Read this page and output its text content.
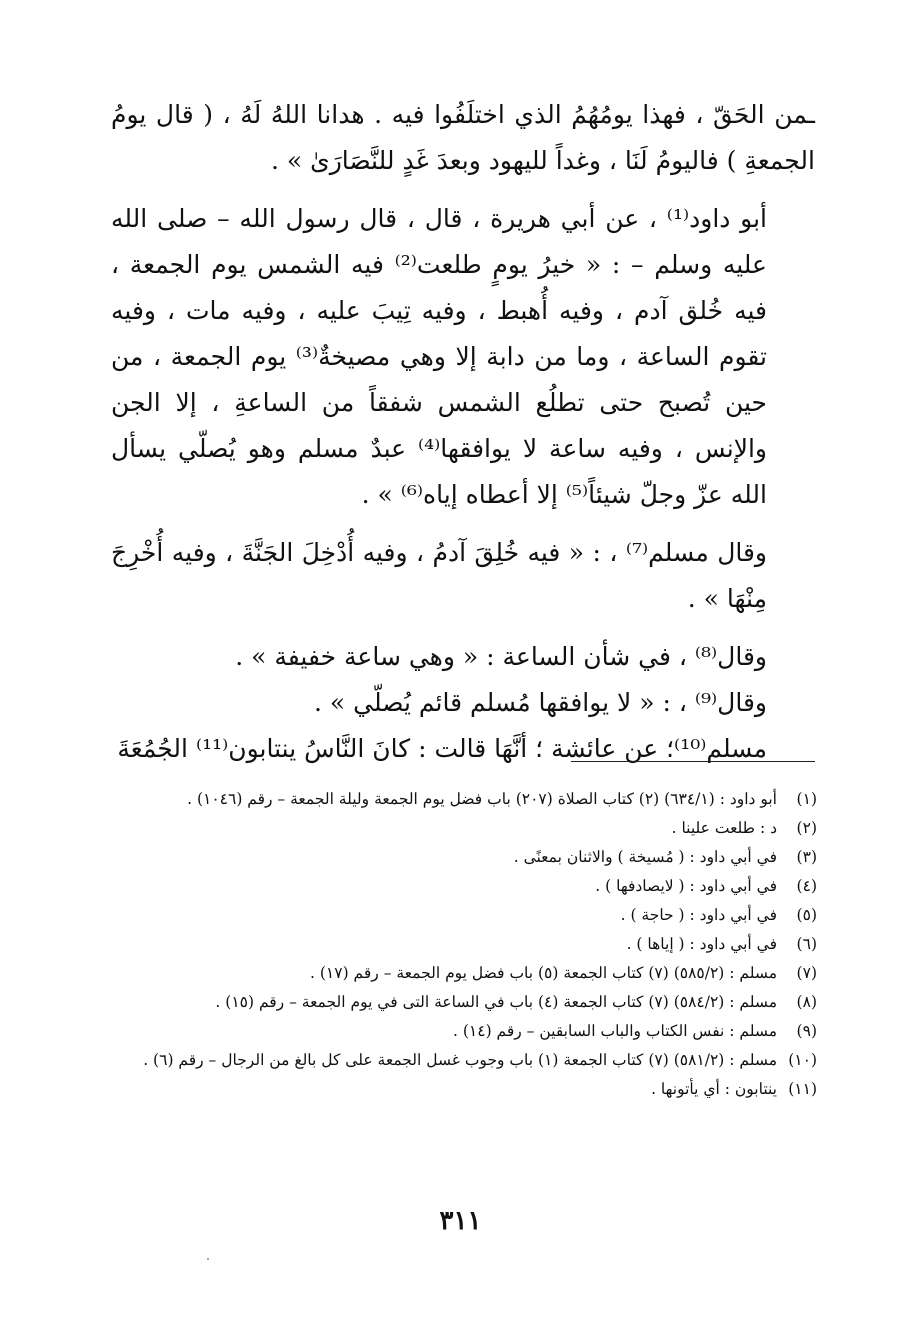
ـمن الحَقّ ، فهذا يومُهُمُ الذي اختلَفُوا فيه . هدانا اللهُ لَهُ ، ( قال يومُ الجمعةِ ) فاليومُ لَنَا ، وغداً لليهود وبعدَ غَدٍ للنَّصَارَىٰ » .

أبو داود⁽¹⁾ ، عن أبي هريرة ، قال ، قال رسول الله – صلى الله عليه وسلم – : « خيرُ يومٍ طلعت⁽²⁾ فيه الشمس يوم الجمعة ، فيه خُلق آدم ، وفيه أُهبط ، وفيه تِيبَ عليه ، وفيه مات ، وفيه تقوم الساعة ، وما من دابة إلا وهي مصيخةٌ⁽³⁾ يوم الجمعة ، من حين تُصبح حتى تطلُع الشمس شفقاً من الساعةِ ، إلا الجن والإنس ، وفيه ساعة لا يوافقها⁽⁴⁾ عبدٌ مسلم وهو يُصلّي يسأل الله عزّ وجلّ شيئاً⁽⁵⁾ إلا أعطاه إياه⁽⁶⁾ » .

وقال مسلم⁽⁷⁾ ، : « فيه خُلِقَ آدمُ ، وفيه أُدْخِلَ الجَنَّةَ ، وفيه أُخْرِجَ مِنْهَا » .

وقال⁽⁸⁾ ، في شأن الساعة : « وهي ساعة خفيفة » .

وقال⁽⁹⁾ ، : « لا يوافقها مُسلم قائم يُصلّي » .

مسلم⁽¹⁰⁾؛ عن عائشة ؛ أنَّهَا قالت : كانَ النَّاسُ ينتابون⁽¹¹⁾ الجُمُعَةَ

(١)
أبو داود : (٦٣٤/١) (٢) كتاب الصلاة (٢٠٧) باب فضل يوم الجمعة وليلة الجمعة – رقم (١٠٤٦) .
(٢)
د : طلعت علينا .
(٣)
في أبي داود : ( مُسيخة ) والاثنان بمعنًى .
(٤)
في أبي داود : ( لايصادفها ) .
(٥)
في أبي داود : ( حاجة ) .
(٦)
في أبي داود : ( إياها ) .
(٧)
مسلم : (٥٨٥/٢) (٧) كتاب الجمعة (٥) باب فضل يوم الجمعة – رقم (١٧) .
(٨)
مسلم : (٥٨٤/٢) (٧) كتاب الجمعة (٤) باب في الساعة التى في يوم الجمعة – رقم (١٥) .
(٩)
مسلم : نفس الكتاب والباب السابقين – رقم (١٤) .
(١٠)
مسلم : (٥٨١/٢) (٧) كتاب الجمعة (١) باب وجوب غسل الجمعة على كل بالغ من الرجال – رقم (٦) .
(١١)
ينتابون : أي يأتونها .
٣١١
